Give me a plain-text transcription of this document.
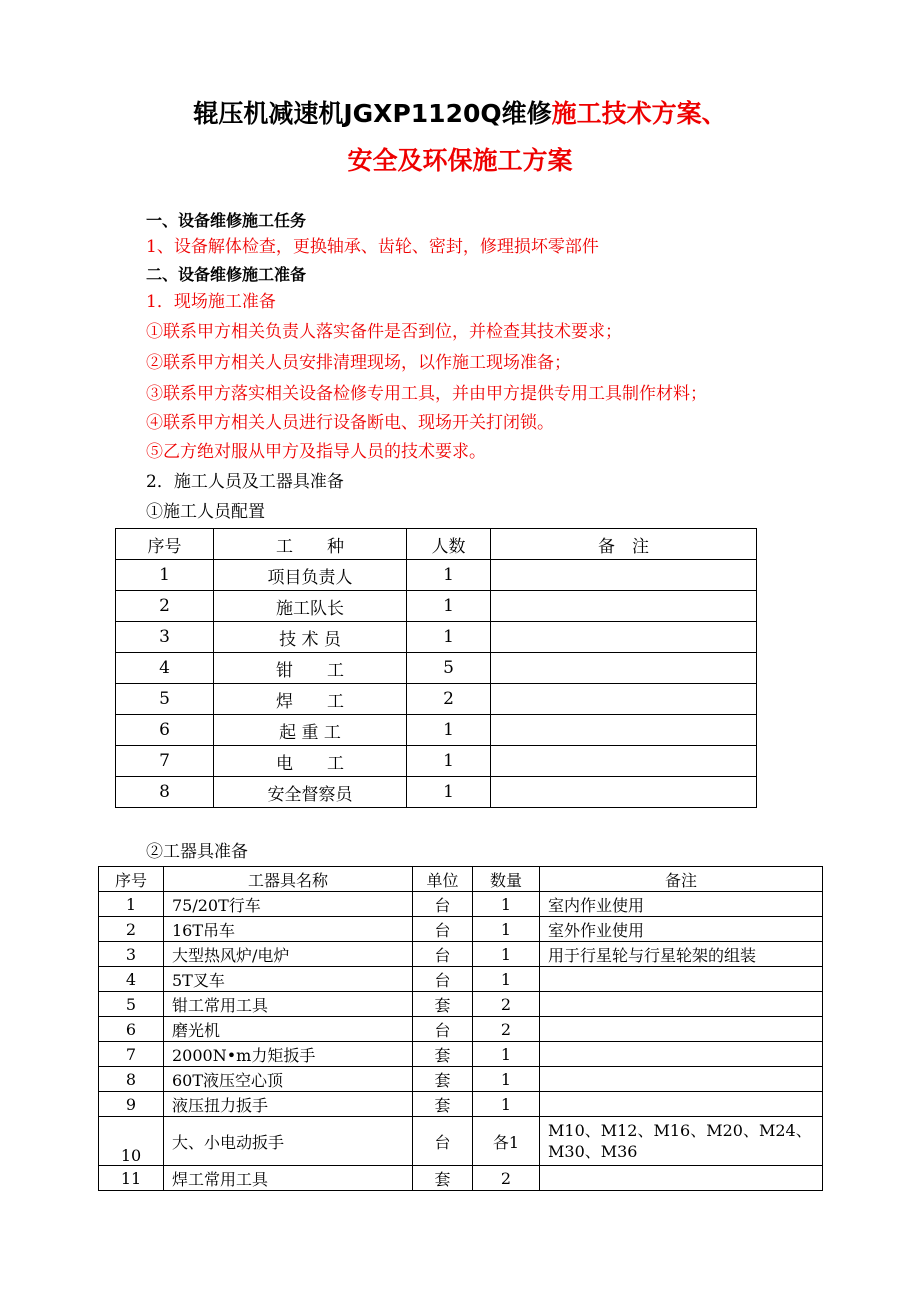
辊压机减速机JGXP1120Q维修施工技术方案、
安全及环保施工方案
一、设备维修施工任务
1、设备解体检查，更换轴承、齿轮、密封，修理损坏零部件
二、设备维修施工准备
1．现场施工准备
①联系甲方相关负责人落实备件是否到位，并检查其技术要求；
②联系甲方相关人员安排清理现场，以作施工现场准备；
③联系甲方落实相关设备检修专用工具，并由甲方提供专用工具制作材料；
④联系甲方相关人员进行设备断电、现场开关打闭锁。
⑤乙方绝对服从甲方及指导人员的技术要求。
2．施工人员及工器具准备
①施工人员配置
序号	工　　种	人数	备　注
1	项目负责人	1	
2	施工队长	1	
3	技 术 员	1	
4	钳　　工	5	
5	焊　　工	2	
6	起 重 工	1	
7	电　　工	1	
8	安全督察员	1	
②工器具准备
序号	工器具名称	单位	数量	备注
1	75/20T行车	台	1	室内作业使用
2	16T吊车	台	1	室外作业使用
3	大型热风炉/电炉	台	1	用于行星轮与行星轮架的组装
4	5T叉车	台	1	
5	钳工常用工具	套	2	
6	磨光机	台	2	
7	2000N•m力矩扳手	套	1	
8	60T液压空心顶	套	1	
9	液压扭力扳手	套	1	
10	大、小电动扳手	台	各1	M10、M12、M16、M20、M24、M30、M36
11	焊工常用工具	套	2	
